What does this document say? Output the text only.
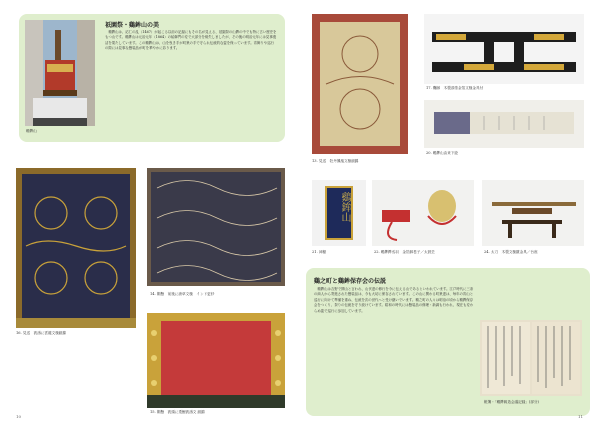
鷄鉾山
祇園祭・鷄鉾山の美
鷄鉾山は、応仁の乱（1467）が起こる以前の記録にもその名が見える、祇園祭の山鉾の中でも特に古い歴史をもつ山です。鷄鉾山は元治元年（1864）の蛤御門の変で大部分を焼失しましたが、その後の明治元年には見事復活を果たしています。この鷄鉾山は、山を曳き手が町衆の手で守られ伝統的な姿を保っています。宵飾りや巡行の際には見事な懸装品が町を華やかに彩ります。
16. 見送　波濤に雲龍文様綴錦
14. 胴懸　前後に唐草文様　インド更紗
15. 胴懸　波頭に兎鯉波濤文 綴錦
10
13. 見送　牡丹鳳凰文様綴錦
17. 欄縁　木製漆塗金箔文様金具付
20. 鷄鉾山由来下絵
鷄鉾山
21. 神額	22. 鷄鉾鉾丞羽　金箔鉢巻子／太鼓芸	24. 太刀　木製文様鍍金具／台座
鷄之町と鷄鉾保存会の伝説
鷄鉾山は吉野で開山と言われ、山伏達の修行を今に伝える山であるといわれています。江戸時代に三条の商人から寄進された懸装品は、今も大切に保存されています。この山に関わる町衆達は、毎年の宵山と巡行に向けて準備を重ね、伝統を次の世代へと受け継いでいます。鷄之町の人々は明治の頃から鷄鉾保存会をつくり、祭りの伝統を守り続けています。昭和の時代には懸装品の修理・新調も行われ、現在も変わらぬ姿で巡行に参加しています。
帳簿・「鷄鉾鋳造会議記録」(部分)
11
